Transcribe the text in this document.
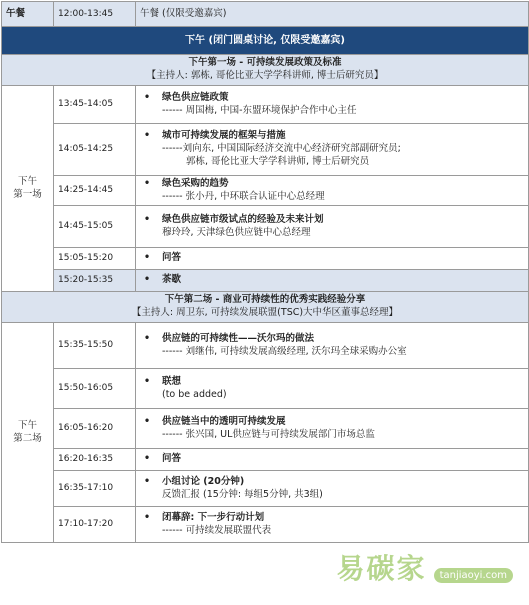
午餐	12:00-13:45	午餐 (仅限受邀嘉宾)
下午 (闭门圆桌讨论, 仅限受邀嘉宾)		

下午第一场 - 可持续发展政策及标准
【主持人: 郭栋, 哥伦比亚大学学科讲师, 博士后研究员】		

下午
第一场	13:45-14:05	• 绿色供应链政策
------ 周国梅, 中国-东盟环境保护合作中心主任

	14:05-14:25	• 城市可持续发展的框架与措施
------刘向东, 中国国际经济交流中心经济研究部副研究员;
郭栋, 哥伦比亚大学学科讲师, 博士后研究员

	14:25-14:45	• 绿色采购的趋势
------ 张小丹, 中环联合认证中心总经理

	14:45-15:05	• 绿色供应链市级试点的经验及未来计划
穆玲玲, 天津绿色供应链中心总经理

	15:05-15:20	• 问答

	15:20-15:35	• 茶歇

下午第二场 - 商业可持续性的优秀实践经验分享
【主持人: 周卫东, 可持续发展联盟(TSC)大中华区董事总经理】		

下午
第二场	15:35-15:50	• 供应链的可持续性——沃尔玛的做法
------ 刘继伟, 可持续发展高级经理, 沃尔玛全球采购办公室

	15:50-16:05	• 联想
(to be added)

	16:05-16:20	• 供应链当中的透明可持续发展
------ 张兴国, UL供应链与可持续发展部门市场总监

	16:20-16:35	• 问答

	16:35-17:10	• 小组讨论 (20分钟)
反馈汇报 (15分钟: 每组5分钟, 共3组)

	17:10-17:20	• 闭幕辞: 下一步行动计划
------ 可持续发展联盟代表
易碳家 tanjiaoyi.com
